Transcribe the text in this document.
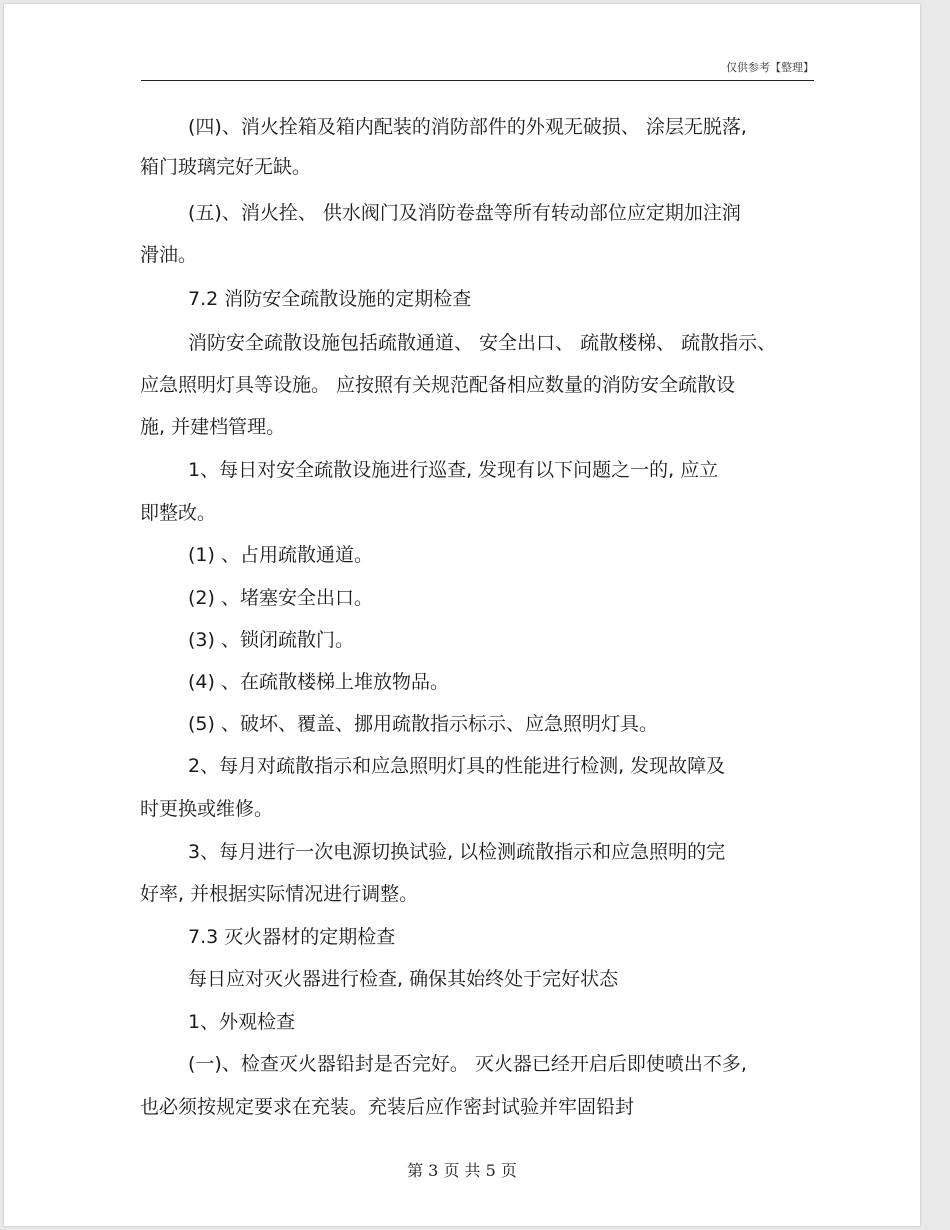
仅供参考【整理】
(四)、消火拴箱及箱内配装的消防部件的外观无破损、 涂层无脱落,
箱门玻璃完好无缺。
(五)、消火拴、 供水阀门及消防卷盘等所有转动部位应定期加注润
滑油。
7.2 消防安全疏散设施的定期检查
消防安全疏散设施包括疏散通道、 安全出口、 疏散楼梯、 疏散指示、
应急照明灯具等设施。 应按照有关规范配备相应数量的消防安全疏散设
施, 并建档管理。
1、每日对安全疏散设施进行巡查, 发现有以下问题之一的, 应立
即整改。
(1) 、占用疏散通道。
(2) 、堵塞安全出口。
(3) 、锁闭疏散门。
(4) 、在疏散楼梯上堆放物品。
(5) 、破坏、覆盖、挪用疏散指示标示、应急照明灯具。
2、每月对疏散指示和应急照明灯具的性能进行检测, 发现故障及
时更换或维修。
3、每月进行一次电源切换试验, 以检测疏散指示和应急照明的完
好率, 并根据实际情况进行调整。
7.3 灭火器材的定期检查
每日应对灭火器进行检查, 确保其始终处于完好状态
1、外观检查
(一)、检查灭火器铅封是否完好。 灭火器已经开启后即使喷出不多,
也必须按规定要求在充装。充装后应作密封试验并牢固铅封
第 3 页 共 5 页
